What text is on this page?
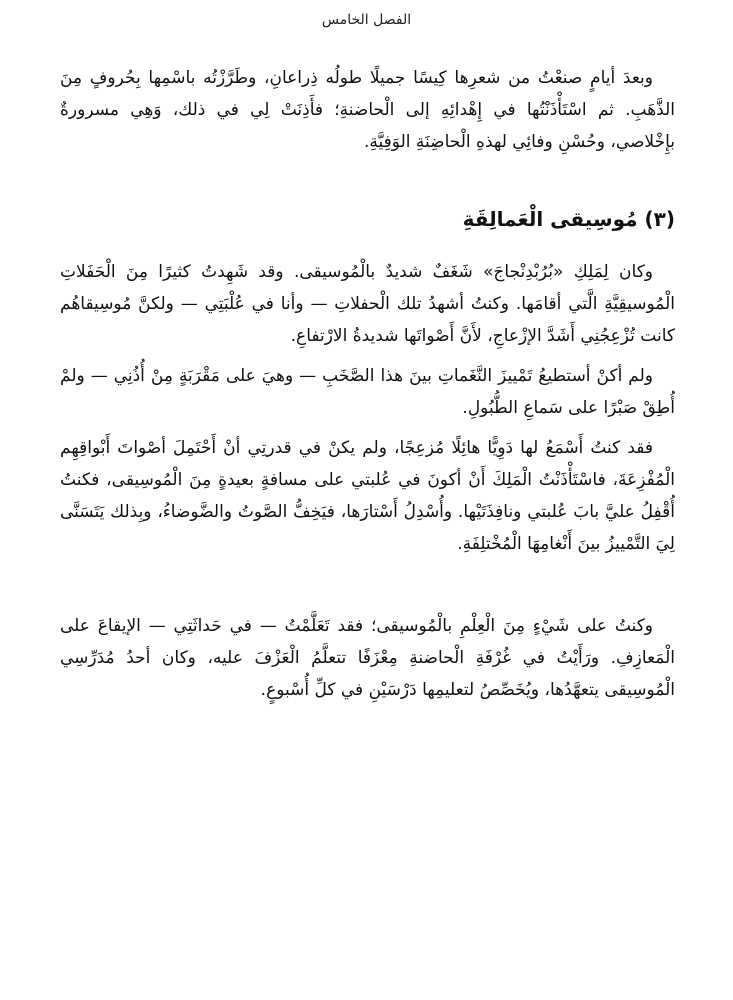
الفصل الخامس

وبعدَ أيامٍ صنعْتُ من شعرِها كِيسًا جميلًا طولُه ذِراعانِ، وطَرَّزْتُه باسْمِها بِحُروفٍ مِنَ الذَّهَبِ. ثم اسْتَأْذَنْتُها في إِهْدائِهِ إلى الْحاضنةِ؛ فأَذِنَتْ لِي في ذلك، وَهِي مسرورةٌ بإِخْلاصي، وحُسْنِ وفائِي لهذهِ الْحاضِنَةِ الوَفِيَّةِ.

(٣) مُوسِيقى الْعَمالِقَةِ

وكان لِمَلِكِ «بُرُبْدِنْجاجَ» شَغَفٌ شديدٌ بالْمُوسيقى. وقد شَهِدتُ كثيرًا مِنَ الْحَفَلاتِ الْمُوسيقِيَّةِ الَّتي أقامَها. وكنتُ أشهدُ تلك الْحفلاتِ — وأنا في عُلْبَتِي — ولكنَّ مُوسِيقاهُم كانت تُزْعِجُنِي أَشَدَّ الإزْعاجِ، لأَنَّ أَصْواتَها شديدةُ الارْتفاعِ.

ولم أكنْ أستطيعُ تَمْييزَ النَّغَماتِ بينَ هذا الصَّخَبِ — وهيَ على مَقْرَبَةٍ مِنْ أُذُنِي — ولمْ أُطِقْ صَبْرًا على سَماعِ الطُّبُولِ.

فقد كنتُ أَسْمَعُ لها دَوِيًّا هائِلًا مُزعِجًا، ولم يكنْ في قدرتِي أنْ أَحْتَمِلَ أصْواتَ أَبْواقِهِم الْمُفْزِعَةَ، فاسْتَأْذَنْتُ الْمَلِكَ أَنْ أكونَ في عُلبتي على مسافةٍ بعيدةٍ مِنَ الْمُوسِيقى، فكنتُ أُقْفِلُ عليَّ بابَ عُلبتي ونافِذَتَيْها. وأُسْدِلُ أَسْتارَها، فيَخِفُّ الصَّوتُ والضَّوضاءُ، وبِذلك يَتَسَنَّى لِيَ التَّمْييزُ بينَ أَنْغامِهَا الْمُخْتلِفَةِ.

وكنتُ على شَيْءٍ مِنَ الْعِلْمِ بالْمُوسيقى؛ فقد تَعَلَّمْتُ — في حَداثَتِي — الإيقاعَ على الْمَعازِفِ. ورَأَيْتُ في غُرْفَةِ الْحاضنةِ مِعْزَفًا تتعلَّمُ الْعَزْفَ عليه، وكان أحدُ مُدَرِّسِي الْمُوسِيقى يتعهَّدُها، ويُخَصِّصُ لتعليمِها دَرْسَيْنِ في كلِّ أُسْبوعٍ.
